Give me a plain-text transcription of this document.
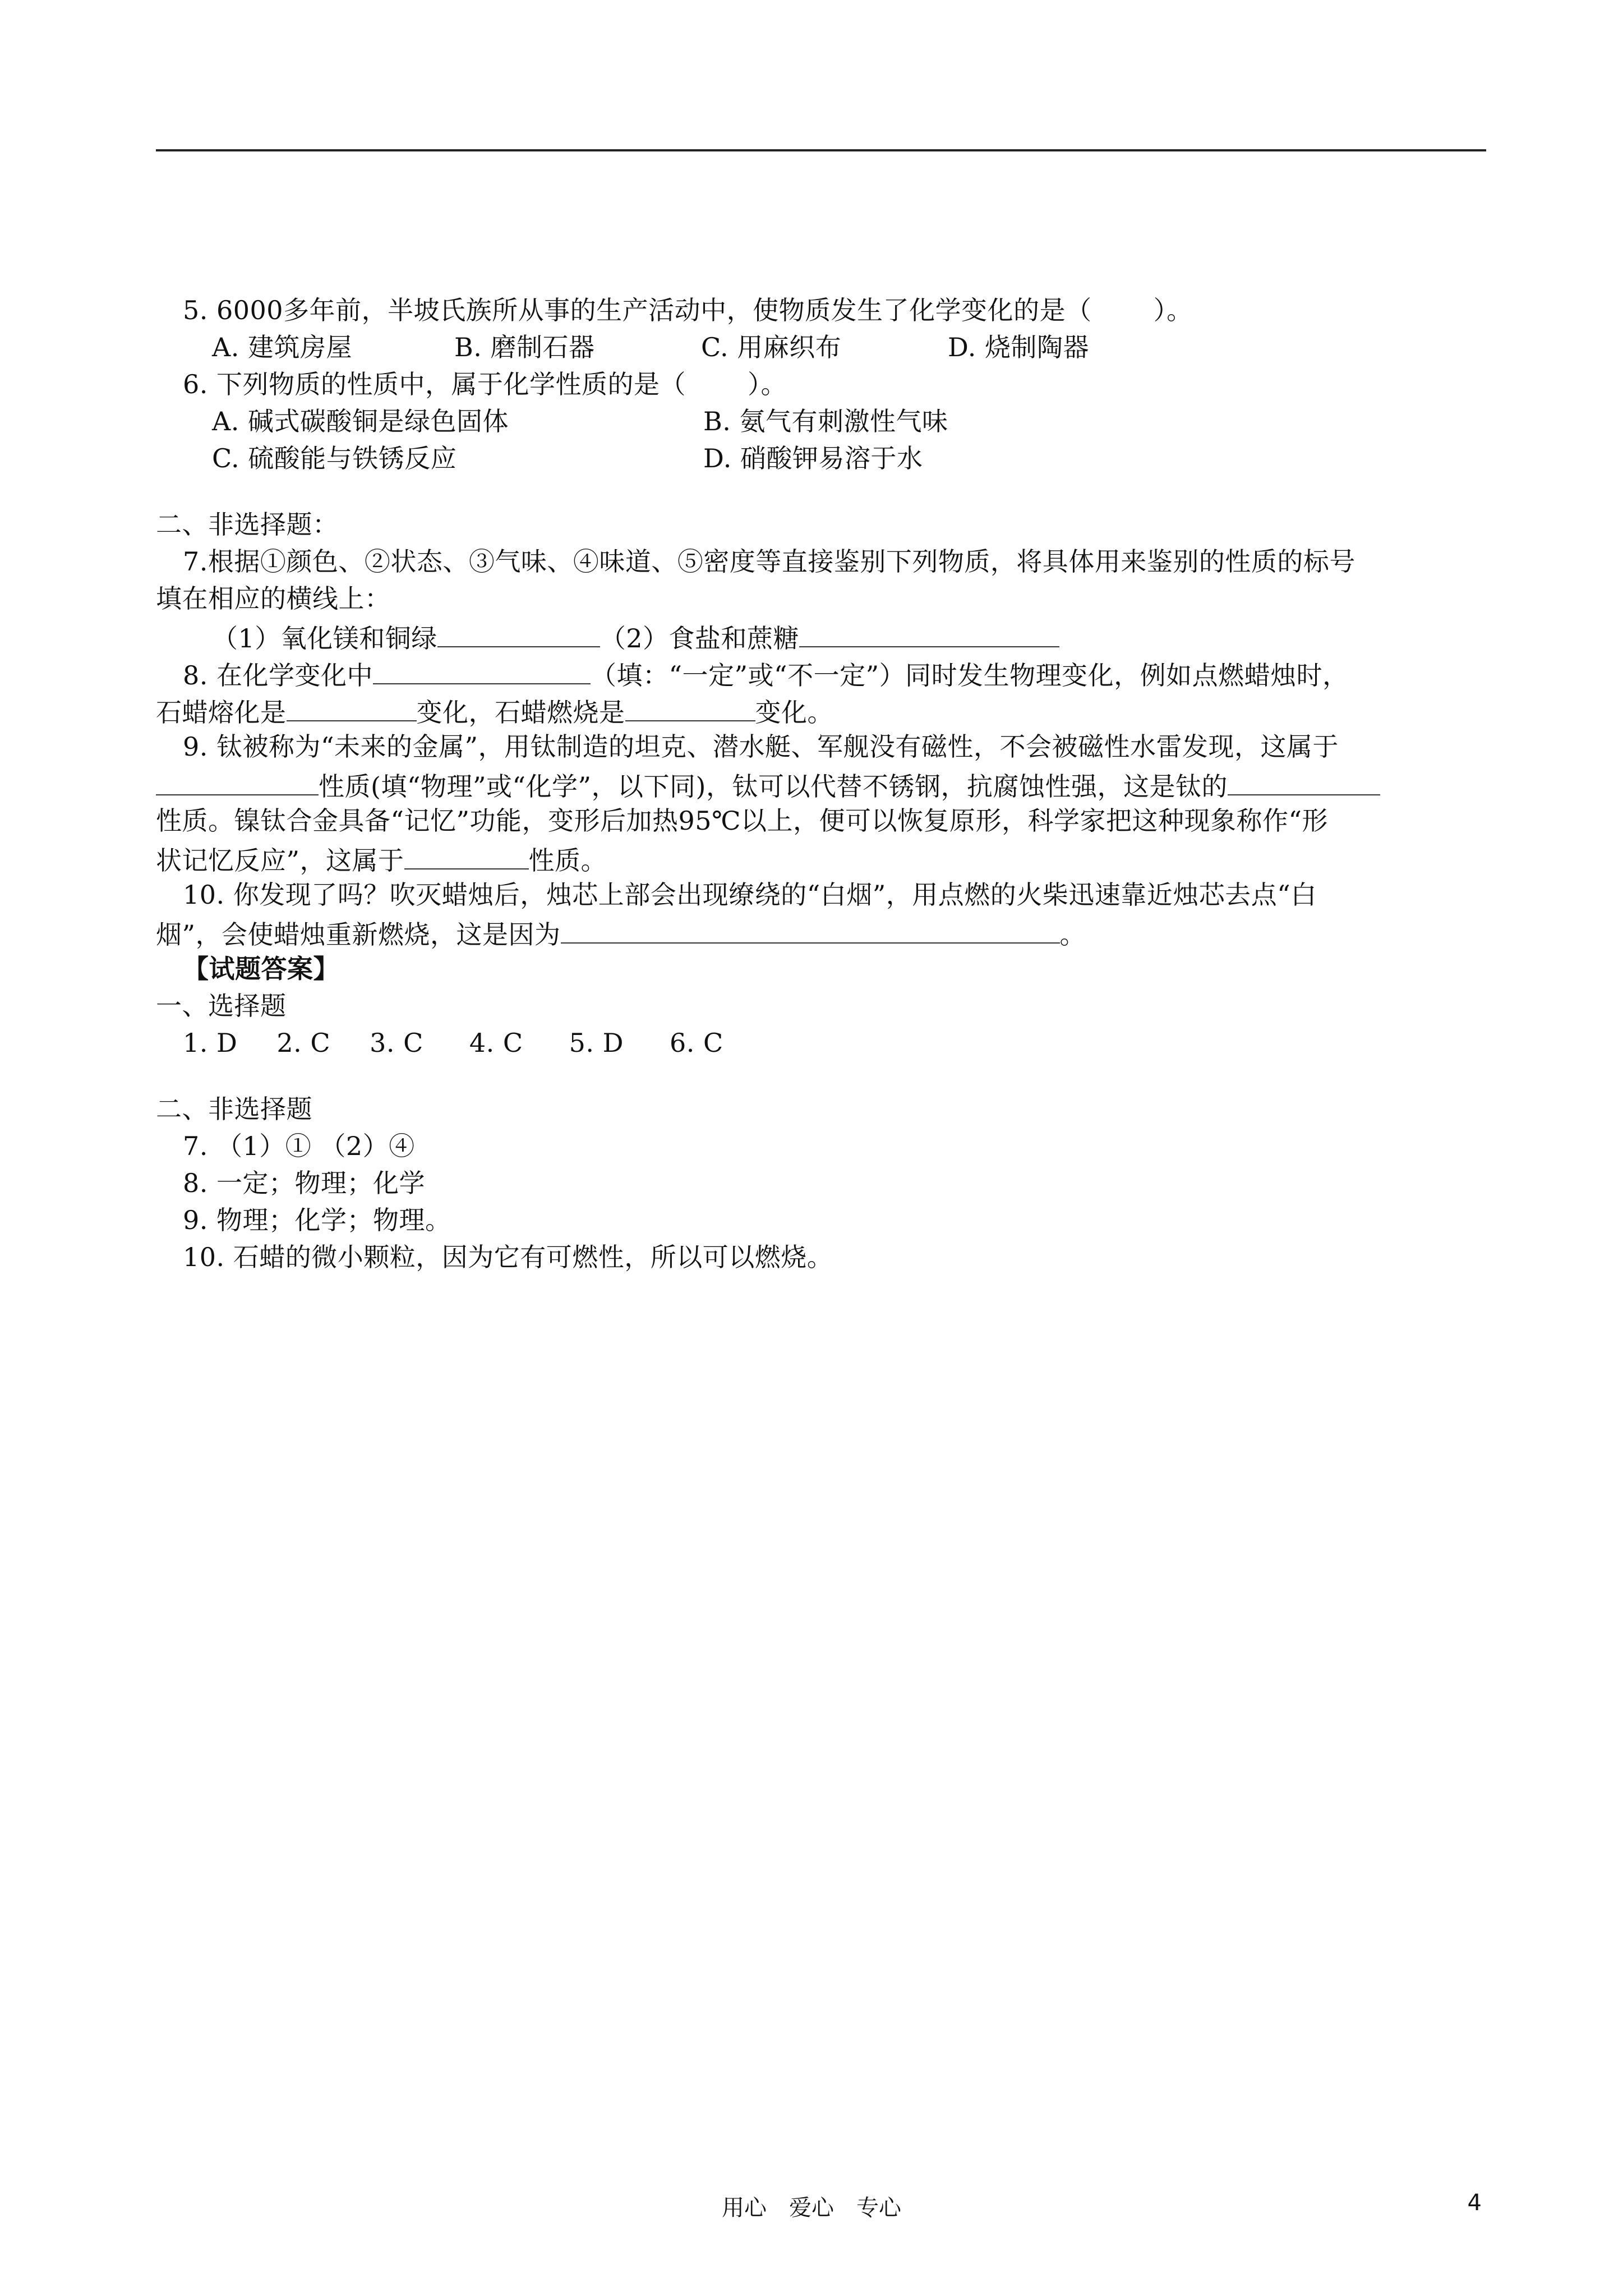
5. 6000多年前，半坡氏族所从事的生产活动中，使物质发生了化学变化的是（ ）。
A. 建筑房屋	B. 磨制石器	C. 用麻织布	D. 烧制陶器
6. 下列物质的性质中，属于化学性质的是（ ）。
A. 碱式碳酸铜是绿色固体	B. 氨气有刺激性气味
C. 硫酸能与铁锈反应	D. 硝酸钾易溶于水
二、非选择题：
7.根据①颜色、②状态、③气味、④味道、⑤密度等直接鉴别下列物质，将具体用来鉴别的性质的标号
填在相应的横线上：
（1）氧化镁和铜绿	（2）食盐和蔗糖
8. 在化学变化中	（填：“一定”或“不一定”）同时发生物理变化，例如点燃蜡烛时，
石蜡熔化是	变化，石蜡燃烧是	变化。
9. 钛被称为“未来的金属”，用钛制造的坦克、潜水艇、军舰没有磁性，不会被磁性水雷发现，这属于
性质(填“物理”或“化学”，以下同)，钛可以代替不锈钢，抗腐蚀性强，这是钛的
性质。镍钛合金具备“记忆”功能，变形后加热95℃以上，便可以恢复原形，科学家把这种现象称作“形
状记忆反应”，这属于	性质。
10. 你发现了吗？吹灭蜡烛后，烛芯上部会出现缭绕的“白烟”，用点燃的火柴迅速靠近烛芯去点“白
烟”，会使蜡烛重新燃烧，这是因为	。
【试题答案】
一、选择题
1. D 2. C 3. C 4. C 5. D 6. C
二、非选择题
7. （1）① （2）④
8. 一定；物理；化学
9. 物理；化学；物理。
10. 石蜡的微小颗粒，因为它有可燃性，所以可以燃烧。
用心　爱心　专心	4
